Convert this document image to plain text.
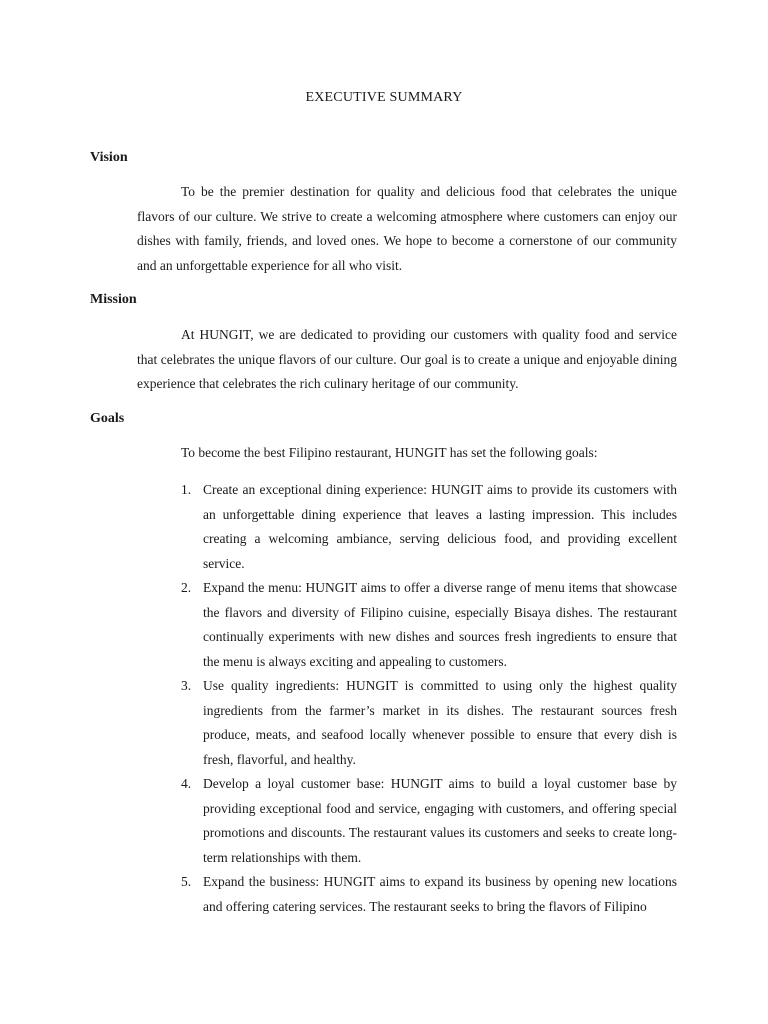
EXECUTIVE SUMMARY
Vision

To be the premier destination for quality and delicious food that celebrates the unique flavors of our culture. We strive to create a welcoming atmosphere where customers can enjoy our dishes with family, friends, and loved ones. We hope to become a cornerstone of our community and an unforgettable experience for all who visit.

Mission

At HUNGIT, we are dedicated to providing our customers with quality food and service that celebrates the unique flavors of our culture. Our goal is to create a unique and enjoyable dining experience that celebrates the rich culinary heritage of our community.

Goals

To become the best Filipino restaurant, HUNGIT has set the following goals:

1. Create an exceptional dining experience: HUNGIT aims to provide its customers with an unforgettable dining experience that leaves a lasting impression. This includes creating a welcoming ambiance, serving delicious food, and providing excellent service.
2. Expand the menu: HUNGIT aims to offer a diverse range of menu items that showcase the flavors and diversity of Filipino cuisine, especially Bisaya dishes. The restaurant continually experiments with new dishes and sources fresh ingredients to ensure that the menu is always exciting and appealing to customers.
3. Use quality ingredients: HUNGIT is committed to using only the highest quality ingredients from the farmer’s market in its dishes. The restaurant sources fresh produce, meats, and seafood locally whenever possible to ensure that every dish is fresh, flavorful, and healthy.
4. Develop a loyal customer base: HUNGIT aims to build a loyal customer base by providing exceptional food and service, engaging with customers, and offering special promotions and discounts. The restaurant values its customers and seeks to create long-term relationships with them.
5. Expand the business: HUNGIT aims to expand its business by opening new locations and offering catering services. The restaurant seeks to bring the flavors of Filipino
